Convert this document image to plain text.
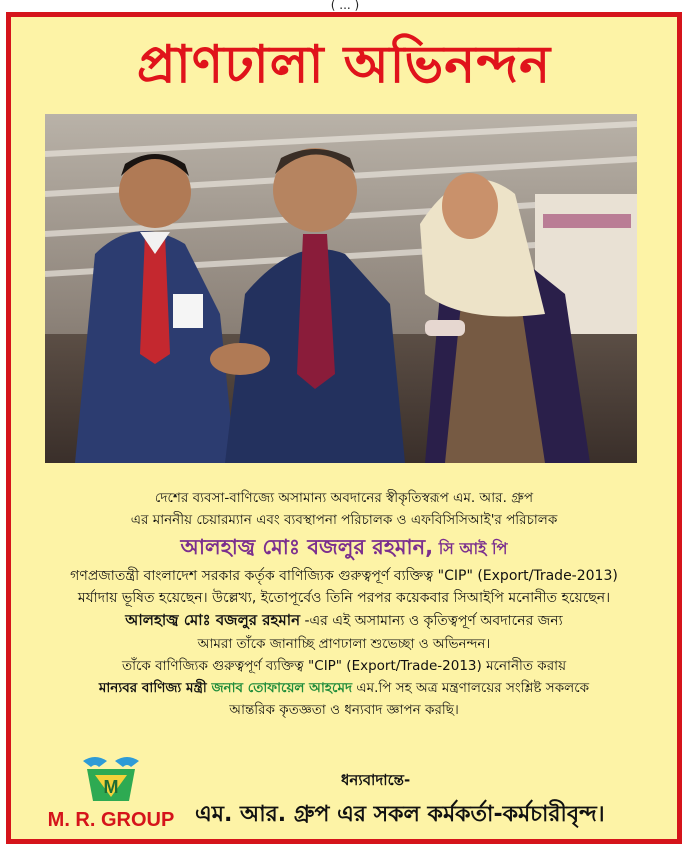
( ... )
প্রাণঢালা অভিনন্দন
দেশের ব্যবসা-বাণিজ্যে অসামান্য অবদানের স্বীকৃতিস্বরূপ এম. আর. গ্রুপ
এর মাননীয় চেয়ারম্যান এবং ব্যবস্থাপনা পরিচালক ও এফবিসিসিআই'র পরিচালক
আলহাজ্ব মোঃ বজলুর রহমান, সি আই পি
গণপ্রজাতন্ত্রী বাংলাদেশ সরকার কর্তৃক বাণিজ্যিক গুরুত্বপূর্ণ ব্যক্তিত্ব "CIP" (Export/Trade-2013)
মর্যাদায় ভূষিত হয়েছেন। উল্লেখ্য, ইতোপূর্বেও তিনি পরপর কয়েকবার সিআইপি মনোনীত হয়েছেন।
আলহাজ্ব মোঃ বজলুর রহমান -এর এই অসামান্য ও কৃতিত্বপূর্ণ অবদানের জন্য
আমরা তাঁকে জানাচ্ছি প্রাণঢালা শুভেচ্ছা ও অভিনন্দন।
তাঁকে বাণিজ্যিক গুরুত্বপূর্ণ ব্যক্তিত্ব "CIP" (Export/Trade-2013) মনোনীত করায়
মান্যবর বাণিজ্য মন্ত্রী জনাব তোফায়েল আহমেদ এম.পি সহ অত্র মন্ত্রণালয়ের সংশ্লিষ্ট সকলকে
আন্তরিক কৃতজ্ঞতা ও ধন্যবাদ জ্ঞাপন করছি।
M
M. R. GROUP
ধন্যবাদান্তে-
এম. আর. গ্রুপ এর সকল কর্মকর্তা-কর্মচারীবৃন্দ।
